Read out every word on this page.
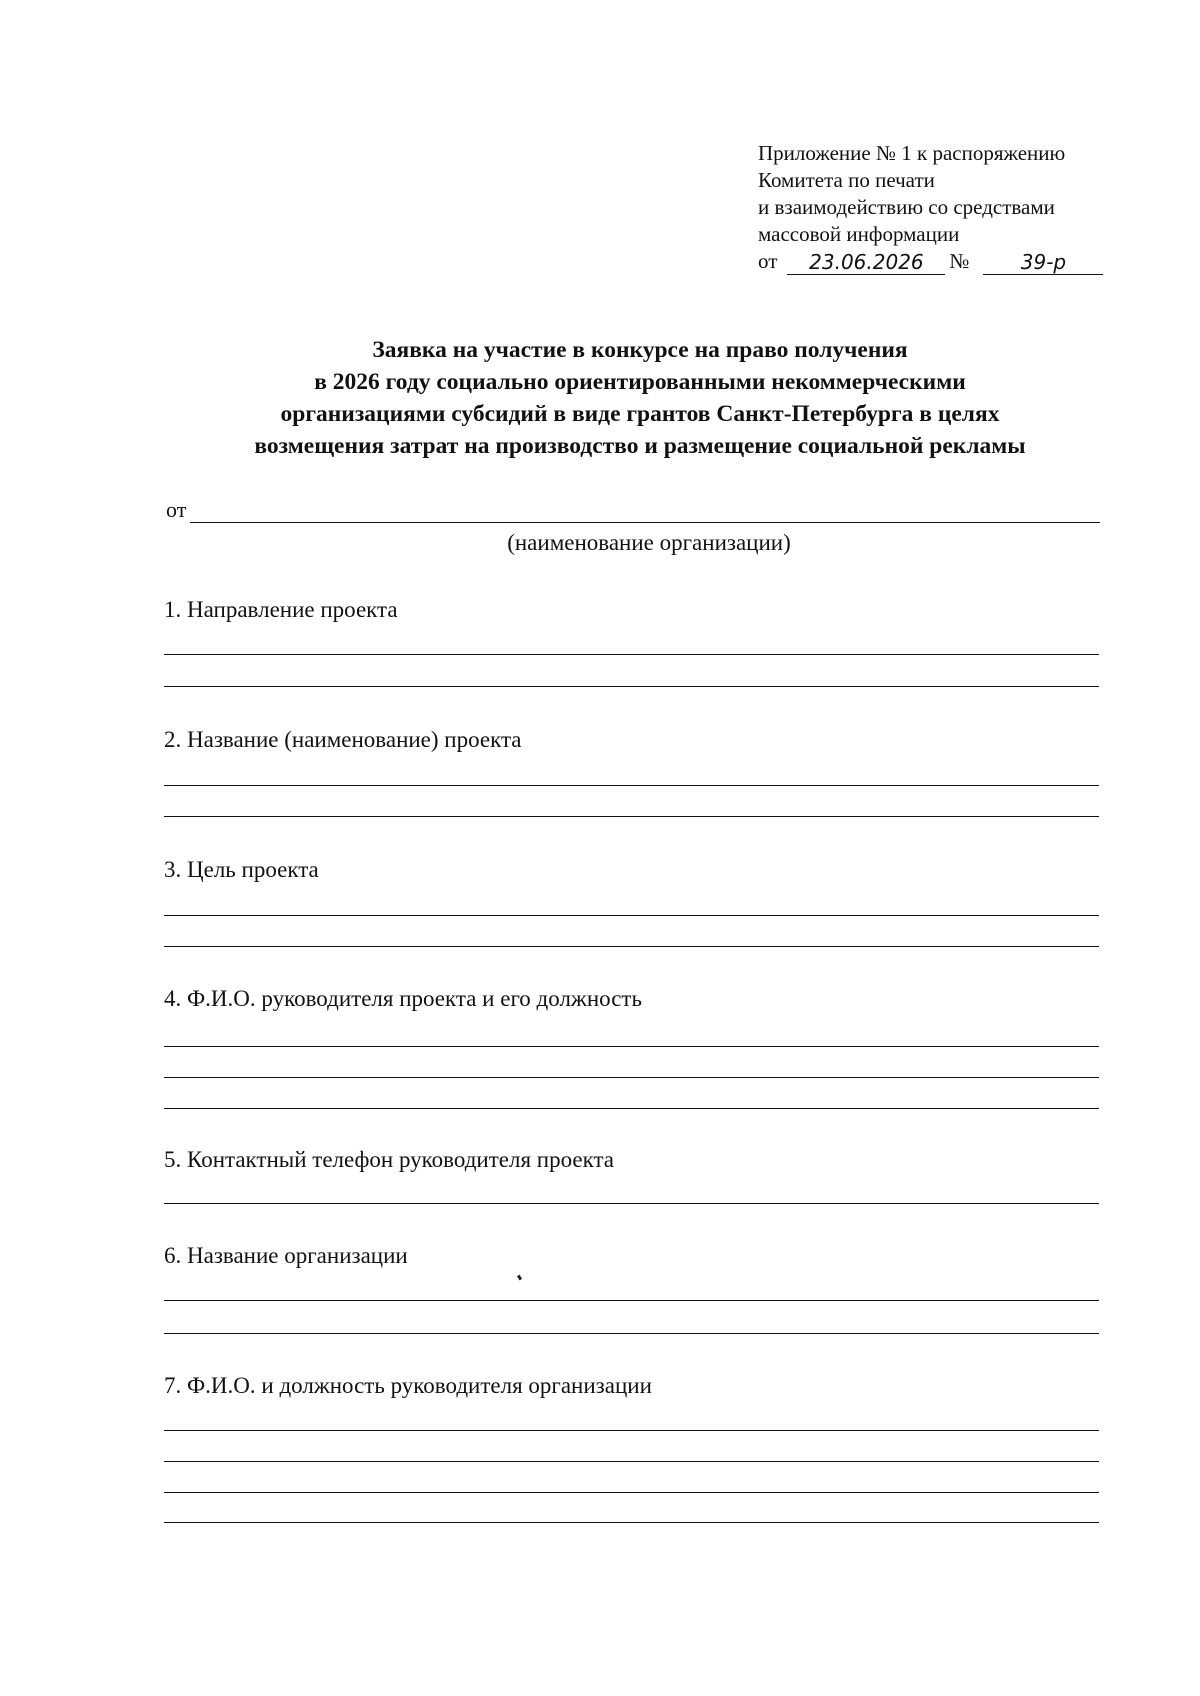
Приложение № 1 к распоряжению
Комитета по печати
и взаимодействию со средствами
массовой информации
от	23.06.2026	№	39-р
Заявка на участие в конкурсе на право получения
в 2026 году социально ориентированными некоммерческими
организациями субсидий в виде грантов Санкт-Петербурга в целях
возмещения затрат на производство и размещение социальной рекламы
от
(наименование организации)
1. Направление проекта
2. Название (наименование) проекта
3. Цель проекта
4. Ф.И.О. руководителя проекта и его должность
5. Контактный телефон руководителя проекта
6. Название организации
7. Ф.И.О. и должность руководителя организации
